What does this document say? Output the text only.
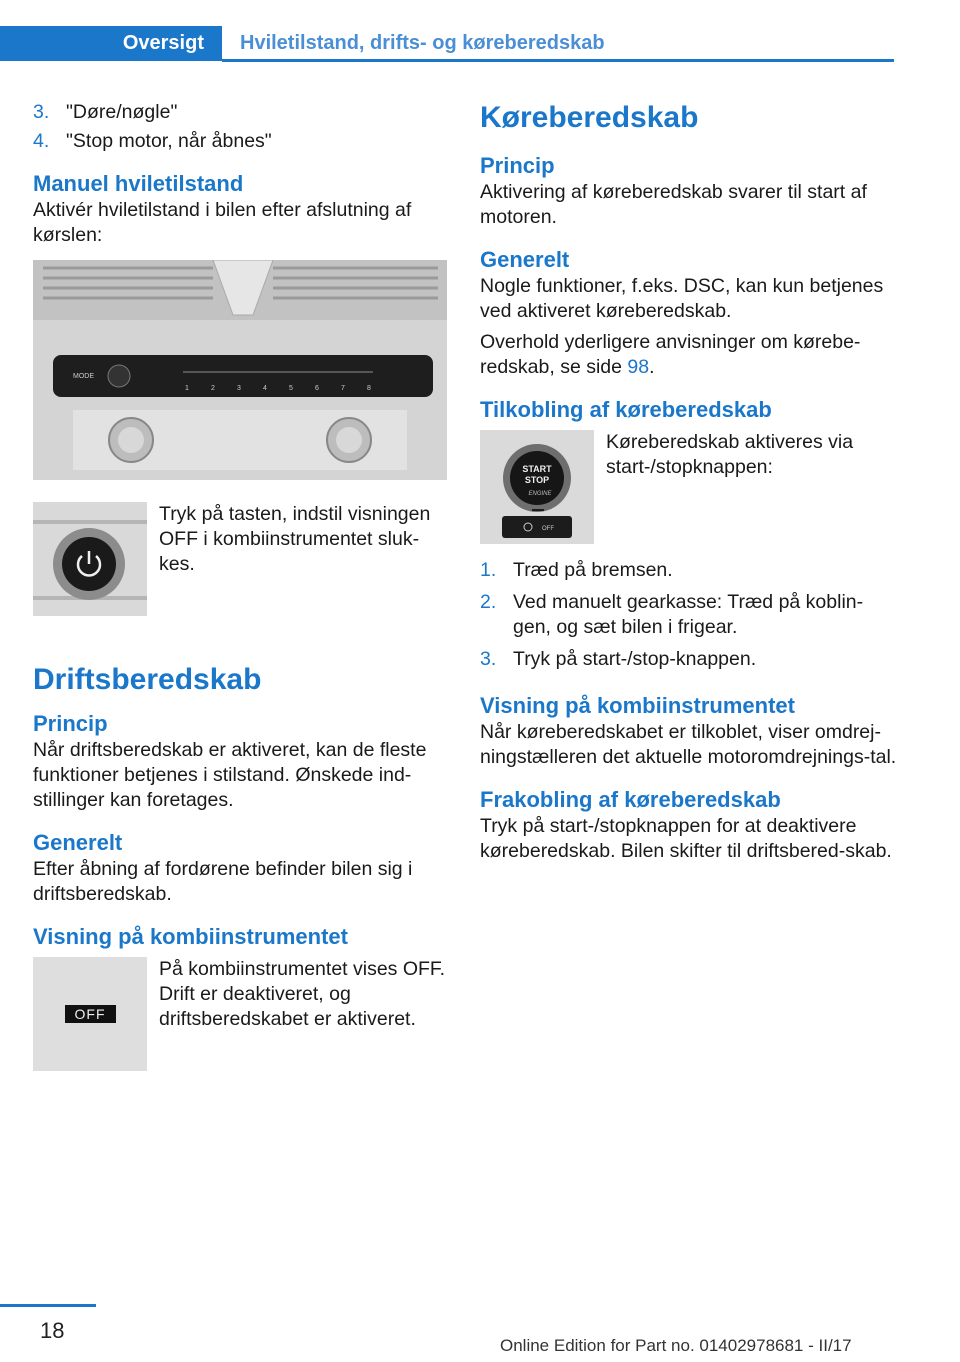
Oversigt	Hviletilstand, drifts- og køreberedskab
3. "Døre/nøgle"
4. "Stop motor, når åbnes"
Manuel hviletilstand

Aktivér hviletilstand i bilen efter afslutning af kørslen:

MODE
1	2	3	4	5	6	7	8

Tryk på tasten, indstil visningen OFF i kombiinstrumentet sluk-kes.

Driftsberedskab
Princip

Når driftsberedskab er aktiveret, kan de fleste funktioner betjenes i stilstand. Ønskede ind-stillinger kan foretages.

Generelt

Efter åbning af fordørene befinder bilen sig i driftsberedskab.

Visning på kombiinstrumentet
OFF

På kombiinstrumentet vises OFF. Drift er deaktiveret, og driftsberedskabet er aktiveret.

Køreberedskab
Princip

Aktivering af køreberedskab svarer til start af motoren.

Generelt

Nogle funktioner, f.eks. DSC, kan kun betjenes ved aktiveret køreberedskab.

Overhold yderligere anvisninger om kørebe-redskab, se side 98.

Tilkobling af køreberedskab
START
STOP
ENGINE
OFF

Køreberedskab aktiveres via start-/stopknappen:

1. Træd på bremsen.
2. Ved manuelt gearkasse: Træd på koblin-gen, og sæt bilen i frigear.
3. Tryk på start-/stop-knappen.
Visning på kombiinstrumentet

Når køreberedskabet er tilkoblet, viser omdrej-ningstælleren det aktuelle motoromdrejnings-tal.

Frakobling af køreberedskab

Tryk på start-/stopknappen for at deaktivere køreberedskab. Bilen skifter til driftsbered-skab.

18
Online Edition for Part no. 01402978681 - II/17
